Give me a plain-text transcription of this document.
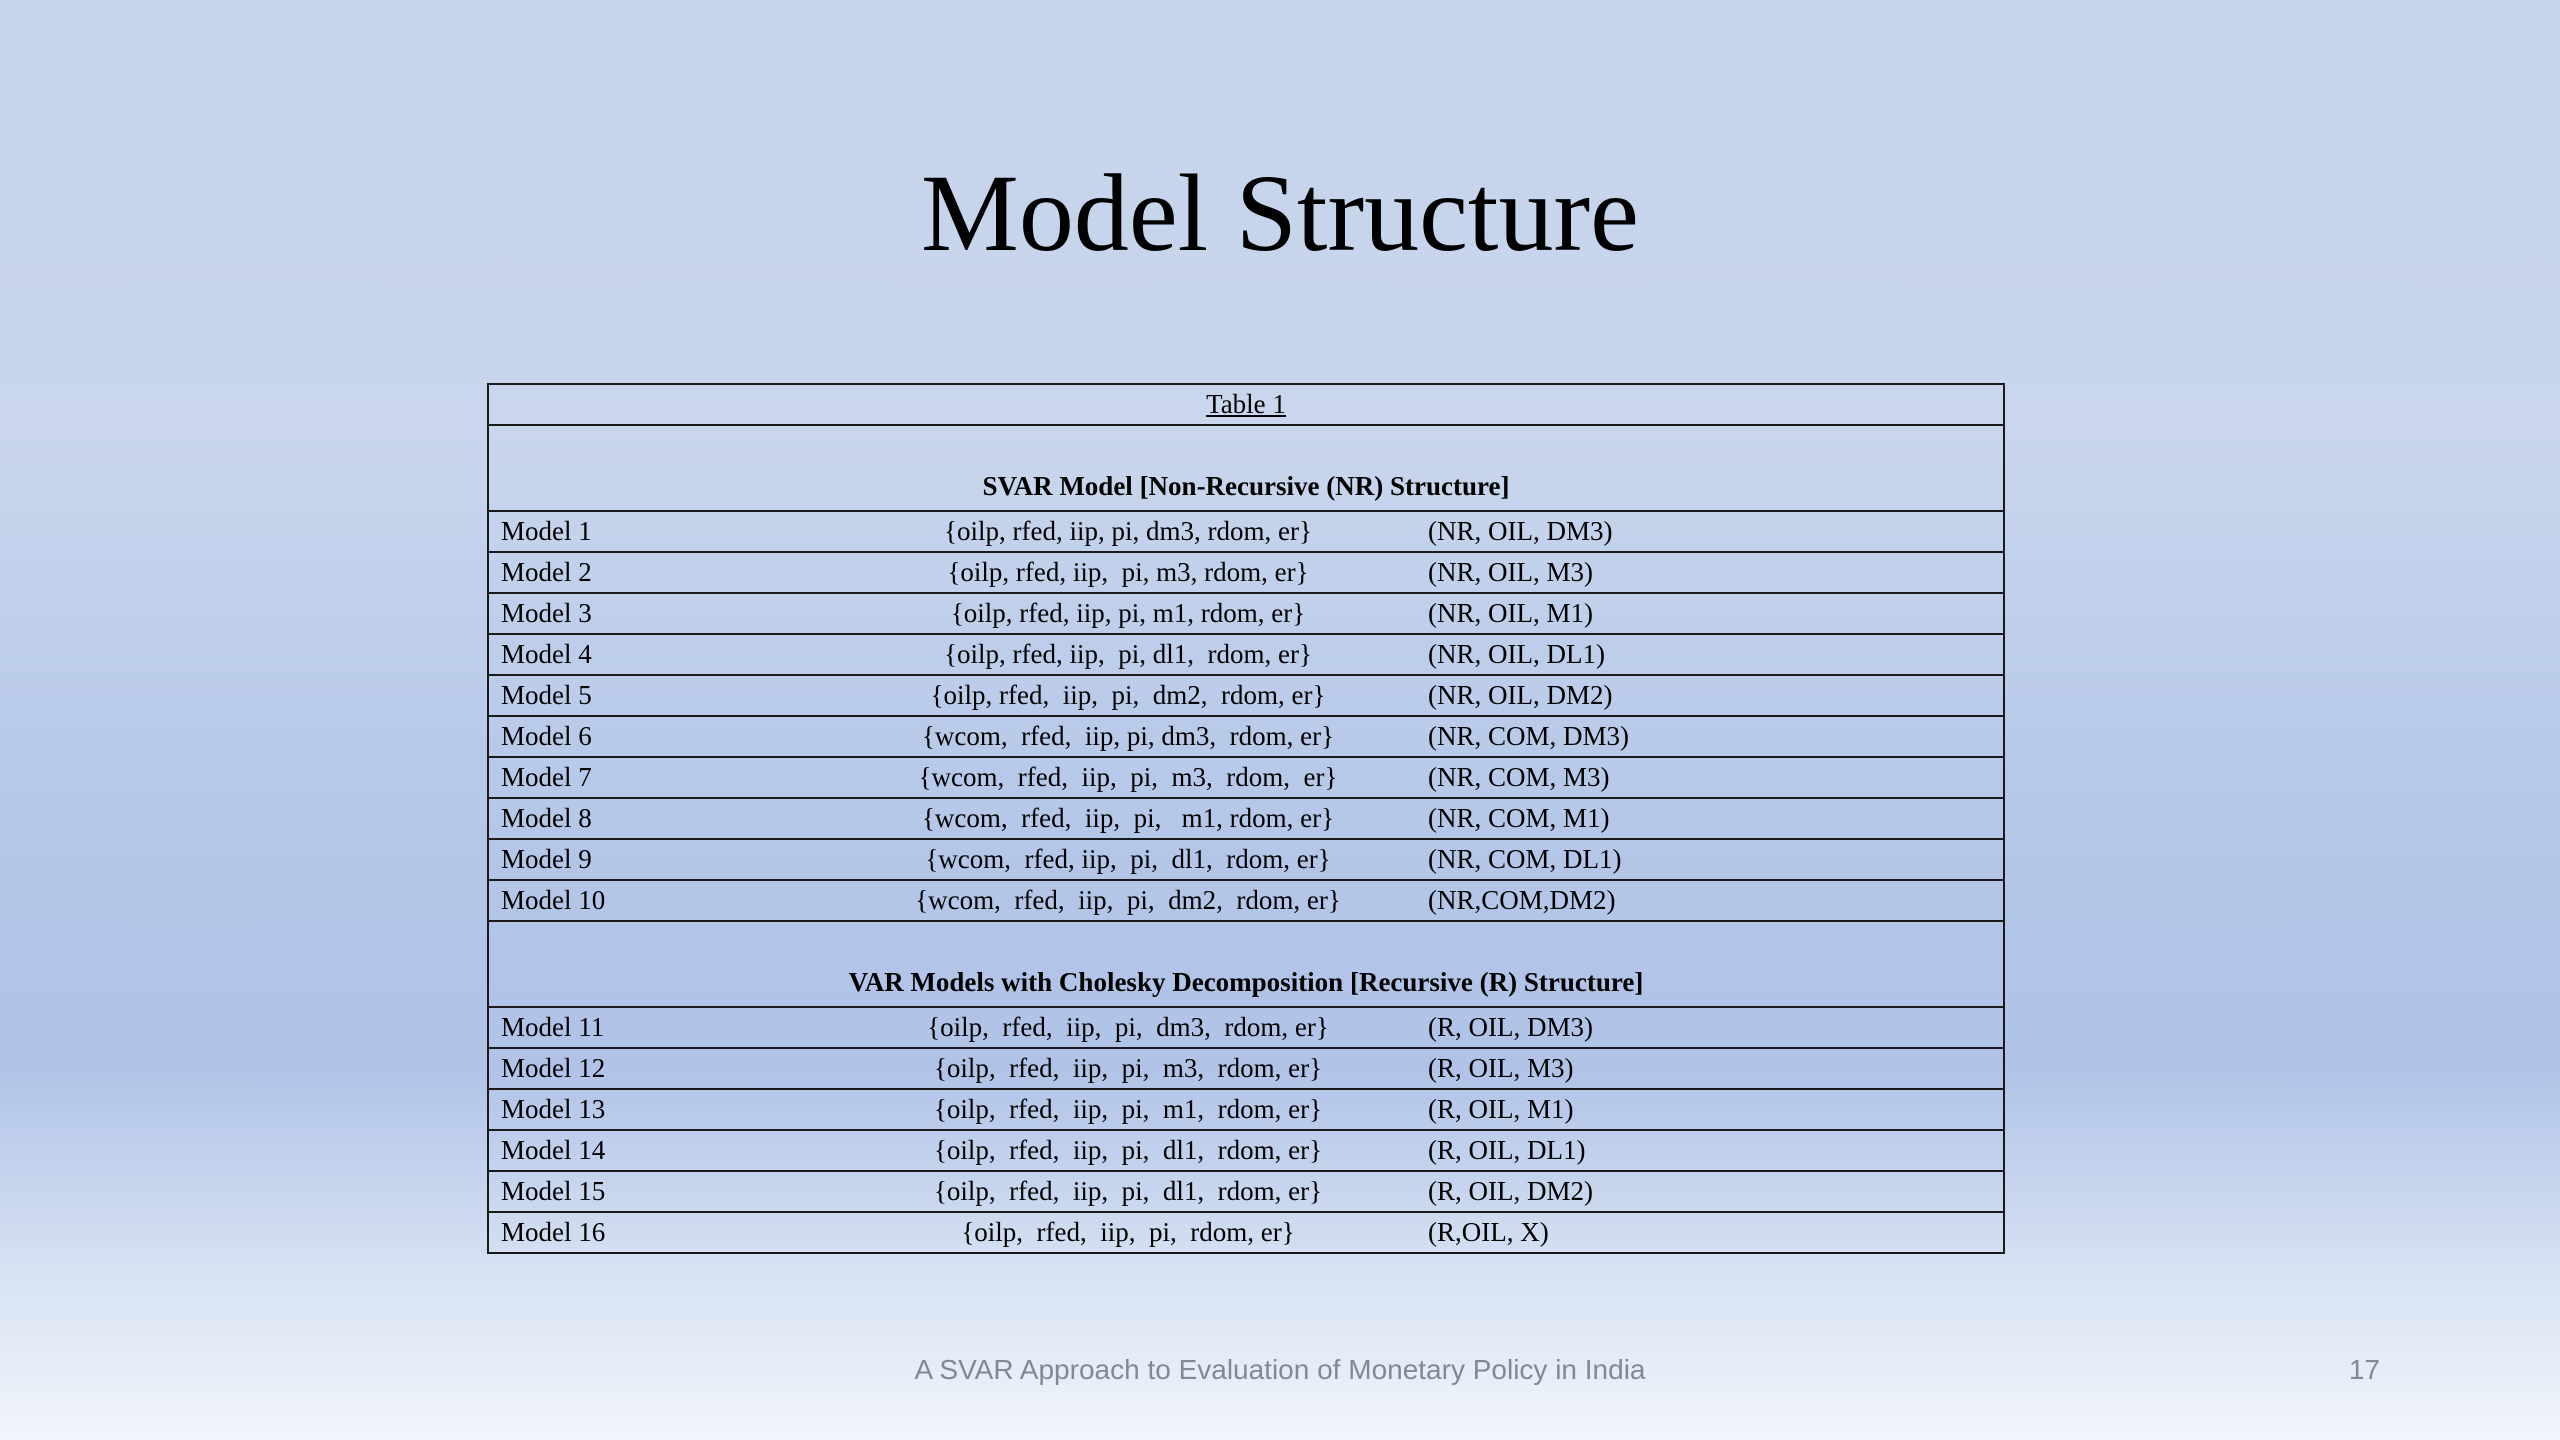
Model Structure
Table 1		
SVAR Model [Non-Recursive (NR) Structure]		
Model 1	{oilp, rfed, iip, pi, dm3, rdom, er}	(NR, OIL, DM3)
Model 2	{oilp, rfed, iip,  pi, m3, rdom, er}	(NR, OIL, M3)
Model 3	{oilp, rfed, iip, pi, m1, rdom, er}	(NR, OIL, M1)
Model 4	{oilp, rfed, iip,  pi, dl1,  rdom, er}	(NR, OIL, DL1)
Model 5	{oilp, rfed,  iip,  pi,  dm2,  rdom, er}	(NR, OIL, DM2)
Model 6	{wcom,  rfed,  iip, pi, dm3,  rdom, er}	(NR, COM, DM3)
Model 7	{wcom,  rfed,  iip,  pi,  m3,  rdom,  er}	(NR, COM, M3)
Model 8	{wcom,  rfed,  iip,  pi,   m1, rdom, er}	(NR, COM, M1)
Model 9	{wcom,  rfed, iip,  pi,  dl1,  rdom, er}	(NR, COM, DL1)
Model 10	{wcom,  rfed,  iip,  pi,  dm2,  rdom, er}	(NR,COM,DM2)
VAR Models with Cholesky Decomposition [Recursive (R) Structure]		
Model 11	{oilp,  rfed,  iip,  pi,  dm3,  rdom, er}	(R, OIL, DM3)
Model 12	{oilp,  rfed,  iip,  pi,  m3,  rdom, er}	(R, OIL, M3)
Model 13	{oilp,  rfed,  iip,  pi,  m1,  rdom, er}	(R, OIL, M1)
Model 14	{oilp,  rfed,  iip,  pi,  dl1,  rdom, er}	(R, OIL, DL1)
Model 15	{oilp,  rfed,  iip,  pi,  dl1,  rdom, er}	(R, OIL, DM2)
Model 16	{oilp,  rfed,  iip,  pi,  rdom, er}	(R,OIL, X)
A SVAR Approach to Evaluation of Monetary Policy in India	17
